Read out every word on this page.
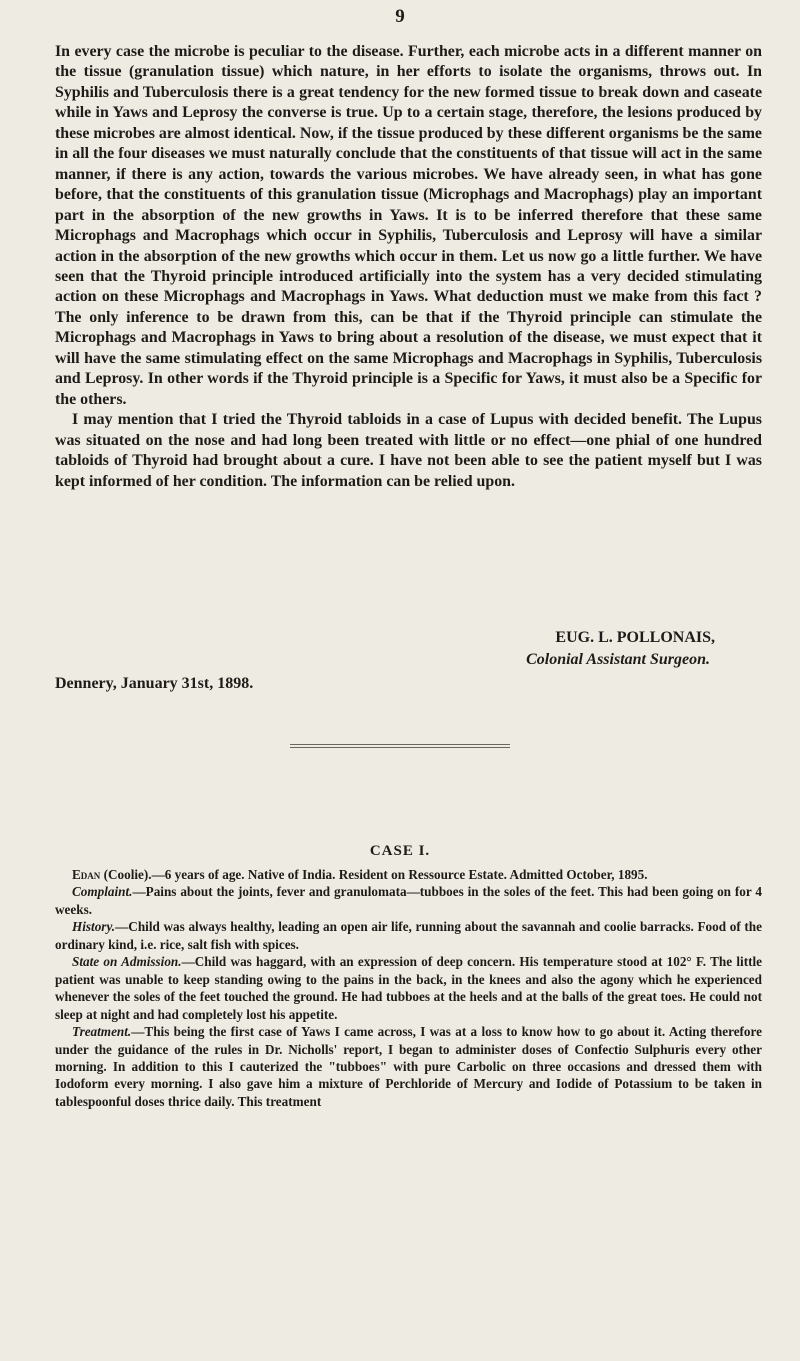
9

In every case the microbe is peculiar to the disease. Further, each microbe acts in a different manner on the tissue (granulation tissue) which nature, in her efforts to isolate the organisms, throws out. In Syphilis and Tuberculosis there is a great tendency for the new formed tissue to break down and caseate while in Yaws and Leprosy the converse is true. Up to a certain stage, therefore, the lesions produced by these microbes are almost identical. Now, if the tissue produced by these different organisms be the same in all the four diseases we must naturally conclude that the constituents of that tissue will act in the same manner, if there is any action, towards the various microbes. We have already seen, in what has gone before, that the constituents of this granulation tissue (Microphags and Macrophags) play an important part in the absorption of the new growths in Yaws. It is to be inferred therefore that these same Microphags and Macrophags which occur in Syphilis, Tuberculosis and Leprosy will have a similar action in the absorption of the new growths which occur in them. Let us now go a little further. We have seen that the Thyroid principle introduced artificially into the system has a very decided stimulating action on these Microphags and Macrophags in Yaws. What deduction must we make from this fact ? The only inference to be drawn from this, can be that if the Thyroid principle can stimulate the Microphags and Macrophags in Yaws to bring about a resolution of the disease, we must expect that it will have the same stimulating effect on the same Microphags and Macrophags in Syphilis, Tuberculosis and Leprosy. In other words if the Thyroid principle is a Specific for Yaws, it must also be a Specific for the others.

I may mention that I tried the Thyroid tabloids in a case of Lupus with decided benefit. The Lupus was situated on the nose and had long been treated with little or no effect—one phial of one hundred tabloids of Thyroid had brought about a cure. I have not been able to see the patient myself but I was kept informed of her condition. The information can be relied upon.

EUG. L. POLLONAIS,
Colonial Assistant Surgeon.
Dennery, January 31st, 1898.
CASE I.

Edan (Coolie).—6 years of age. Native of India. Resident on Ressource Estate. Admitted October, 1895.

Complaint.—Pains about the joints, fever and granulomata—tubboes in the soles of the feet. This had been going on for 4 weeks.

History.—Child was always healthy, leading an open air life, running about the savannah and coolie barracks. Food of the ordinary kind, i.e. rice, salt fish with spices.

State on Admission.—Child was haggard, with an expression of deep concern. His temperature stood at 102° F. The little patient was unable to keep standing owing to the pains in the back, in the knees and also the agony which he experienced whenever the soles of the feet touched the ground. He had tubboes at the heels and at the balls of the great toes. He could not sleep at night and had completely lost his appetite.

Treatment.—This being the first case of Yaws I came across, I was at a loss to know how to go about it. Acting therefore under the guidance of the rules in Dr. Nicholls' report, I began to administer doses of Confectio Sulphuris every other morning. In addition to this I cauterized the "tubboes" with pure Carbolic on three occasions and dressed them with Iodoform every morning. I also gave him a mixture of Perchloride of Mercury and Iodide of Potassium to be taken in tablespoonful doses thrice daily. This treatment
